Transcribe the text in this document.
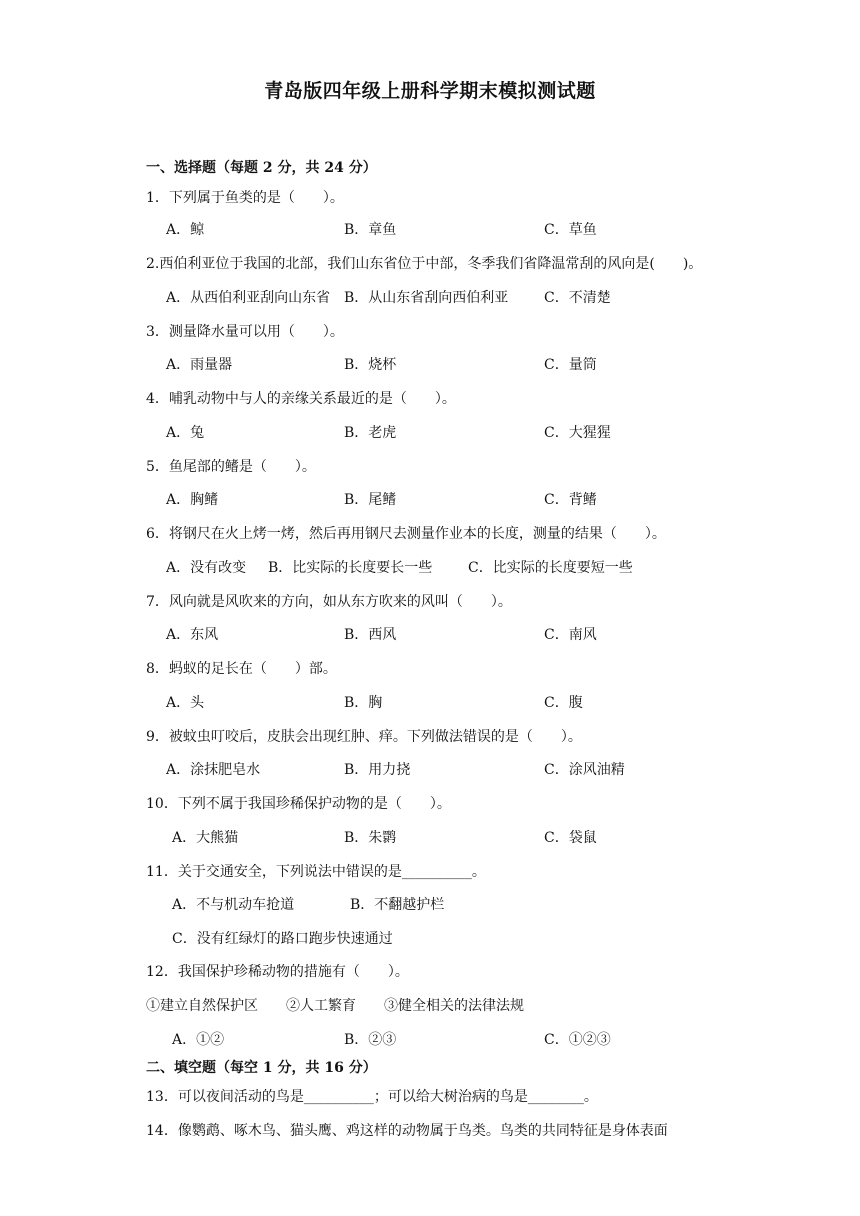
青岛版四年级上册科学期末模拟测试题
一、选择题（每题 2 分，共 24 分）
1．下列属于鱼类的是（　　）。
A．鲸	B．章鱼	C．草鱼
2.西伯利亚位于我国的北部，我们山东省位于中部，冬季我们省降温常刮的风向是(　　)。
A．从西伯利亚刮向山东省 B．从山东省刮向西伯利亚	C．不清楚
3．测量降水量可以用（　　）。
A．雨量器	B．烧杯	C．量筒
4．哺乳动物中与人的亲缘关系最近的是（　　）。
A．兔	B．老虎	C．大猩猩
5．鱼尾部的鳍是（　　）。
A．胸鳍	B．尾鳍	C．背鳍
6．将钢尺在火上烤一烤，然后再用钢尺去测量作业本的长度，测量的结果（　　）。
A．没有改变 B．比实际的长度要长一些	C．比实际的长度要短一些
7．风向就是风吹来的方向，如从东方吹来的风叫（　　）。
A．东风	B．西风	C．南风
8．蚂蚁的足长在（　　）部。
A．头	B．胸	C．腹
9．被蚊虫叮咬后，皮肤会出现红肿、痒。下列做法错误的是（　　）。
A．涂抹肥皂水	B．用力挠	C．涂风油精
10．下列不属于我国珍稀保护动物的是（　　）。
A．大熊猫	B．朱鹮	C．袋鼠
11．关于交通安全，下列说法中错误的是__________。
A．不与机动车抢道	B．不翻越护栏
C．没有红绿灯的路口跑步快速通过
12．我国保护珍稀动物的措施有（　　）。
①建立自然保护区　　②人工繁育　　③健全相关的法律法规
A．①②	B．②③	C．①②③
二、填空题（每空 1 分，共 16 分）
13．可以夜间活动的鸟是__________；可以给大树治病的鸟是________。
14．像鹦鹉、啄木鸟、猫头鹰、鸡这样的动物属于鸟类。鸟类的共同特征是身体表面
